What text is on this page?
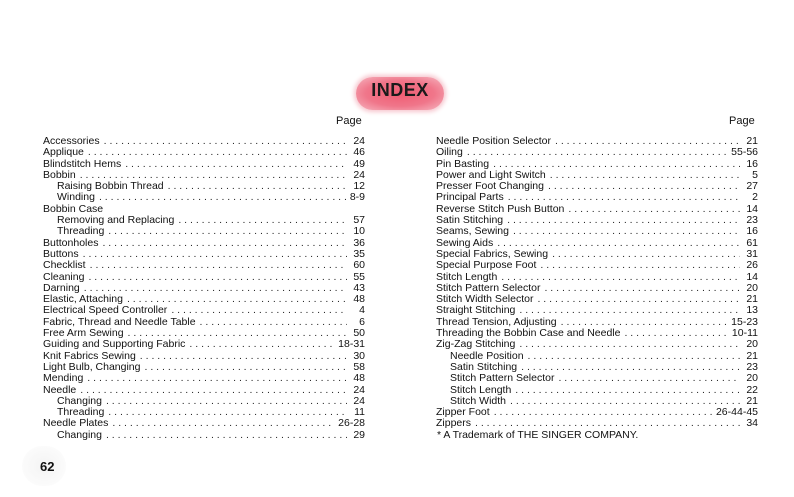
INDEX
Page	Page
Accessories . . .	24
Applique . . .	46
Blindstitch Hems . . .	49
Bobbin . . .	24
Raising Bobbin Thread . . .	12
Winding . . .	8-9
Bobbin Case
Removing and Replacing . . .	57
Threading . . .	10
Buttonholes . . .	36
Buttons . . .	35
Checklist . . .	60
Cleaning . . .	55
Darning . . .	43
Elastic, Attaching . . .	48
Electrical Speed Controller . . .	4
Fabric, Thread and Needle Table . . .	6
Free Arm Sewing . . .	50
Guiding and Supporting Fabric . . .	18-31
Knit Fabrics Sewing . . .	30
Light Bulb, Changing . . .	58
Mending . . .	48
Needle . . .	24
Changing . . .	24
Threading . . .	11
Needle Plates . . .	26-28
Changing . . .	29
Needle Position Selector . . .	21
Oiling . . .	55-56
Pin Basting . . .	16
Power and Light Switch . . .	5
Presser Foot Changing . . .	27
Principal Parts . . .	2
Reverse Stitch Push Button . . .	14
Satin Stitching . . .	23
Seams, Sewing . . .	16
Sewing Aids . . .	61
Special Fabrics, Sewing . . .	31
Special Purpose Foot . . .	26
Stitch Length . . .	14
Stitch Pattern Selector . . .	20
Stitch Width Selector . . .	21
Straight Stitching . . .	13
Thread Tension, Adjusting . . .	15-23
Threading the Bobbin Case and Needle . . .	10-11
Zig-Zag Stitching . . .	20
Needle Position . . .	21
Satin Stitching . . .	23
Stitch Pattern Selector . . .	20
Stitch Length . . .	22
Stitch Width . . .	21
Zipper Foot . . .	26-44-45
Zippers . . .	34
* A Trademark of THE SINGER COMPANY.
62
